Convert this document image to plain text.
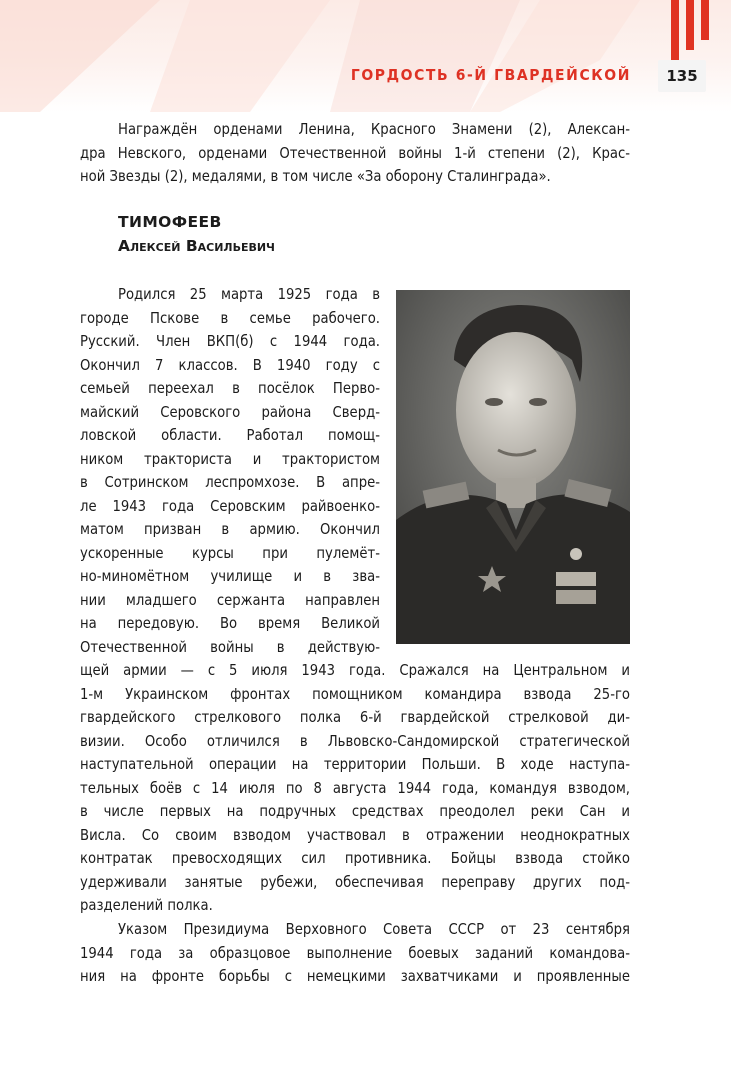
ГОРДОСТЬ 6-Й ГВАРДЕЙСКОЙ	135
Награждён орденами Ленина, Красного Знамени (2), Алексан-
дра Невского, орденами Отечественной войны 1-й степени (2), Крас-
ной Звезды (2), медалями, в том числе «За оборону Сталинграда».
ТИМОФЕЕВ
Алексей Васильевич
Родился 25 марта 1925 года в
городе Пскове в семье рабочего.
Русский. Член ВКП(б) с 1944 года.
Окончил 7 классов. В 1940 году с
семьей переехал в посёлок Перво-
майский Серовского района Сверд-
ловской области. Работал помощ-
ником тракториста и трактористом
в Сотринском леспромхозе. В апре-
ле 1943 года Серовским райвоенко-
матом призван в армию. Окончил
ускоренные курсы при пулемёт-
но-миномётном училище и в зва-
нии младшего сержанта направлен
на передовую. Во время Великой
Отечественной войны в действую-
щей армии — с 5 июля 1943 года. Сражался на Центральном и
1-м Украинском фронтах помощником командира взвода 25-го
гвардейского стрелкового полка 6-й гвардейской стрелковой ди-
визии. Особо отличился в Львовско-Сандомирской стратегической
наступательной операции на территории Польши. В ходе наступа-
тельных боёв с 14 июля по 8 августа 1944 года, командуя взводом,
в числе первых на подручных средствах преодолел реки Сан и
Висла. Со своим взводом участвовал в отражении неоднократных
контратак превосходящих сил противника. Бойцы взвода стойко
удерживали занятые рубежи, обеспечивая переправу других под-
разделений полка.
Указом Президиума Верховного Совета СССР от 23 сентября
1944 года за образцовое выполнение боевых заданий командова-
ния на фронте борьбы с немецкими захватчиками и проявленные
